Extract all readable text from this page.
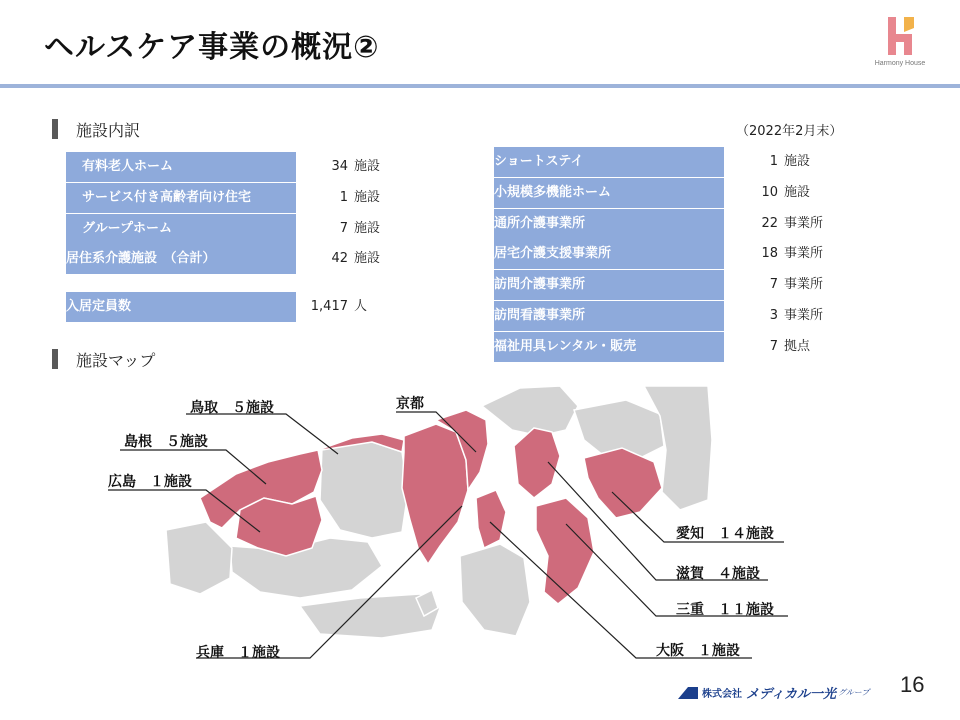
ヘルスケア事業の概況②	Harmony House
施設内訳
有料老人ホーム
サービス付き高齢者向け住宅
グループホーム
居住系介護施設　（合計）
34 施設
1 施設
7 施設
42 施設
入居定員数	1,417 人
（2022年2月末）
ショートステイ
小規模多機能ホーム
通所介護事業所
居宅介護支援事業所
訪問介護事業所
訪問看護事業所
福祉用具レンタル・販売
1 施設
10 施設
22 事業所
18 事業所
7 事業所
3 事業所
7 拠点
施設マップ
鳥取　５施設
島根　５施設
広島　１施設
京都
愛知　１４施設
滋賀　４施設
三重　１１施設
大阪　１施設
兵庫　１施設
株式会社 メディカル一光 グループ 16
